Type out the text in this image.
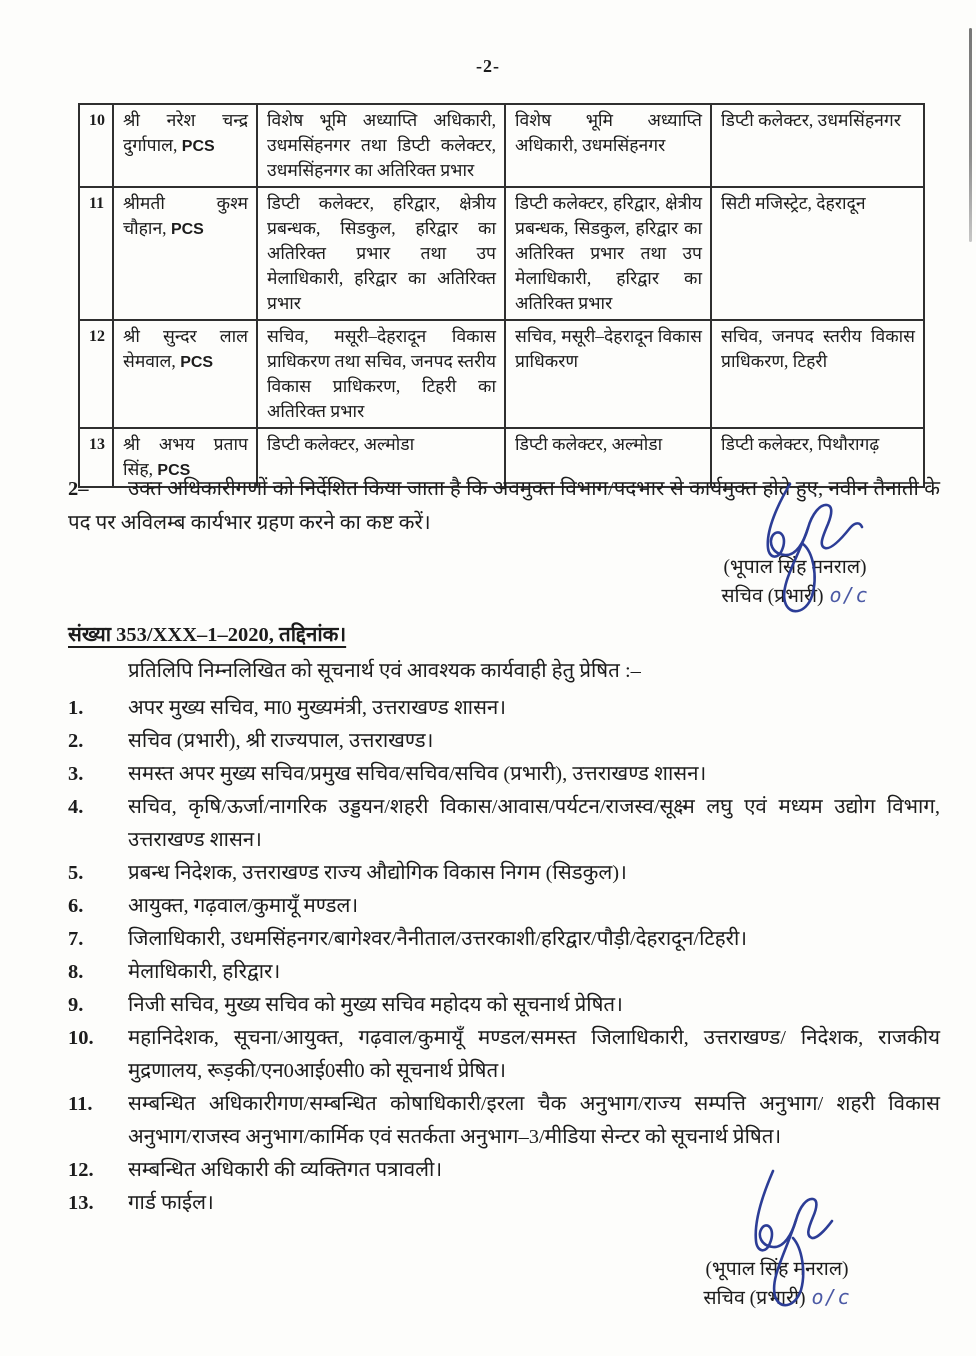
-2-
10	श्री नरेश चन्द्र दुर्गापाल, PCS	विशेष भूमि अध्याप्ति अधिकारी, उधमसिंहनगर तथा डिप्टी कलेक्टर, उधमसिंहनगर का अतिरिक्त प्रभार	विशेष भूमि अध्याप्ति अधिकारी, उधमसिंहनगर	डिप्टी कलेक्टर, उधमसिंहनगर
11	श्रीमती कुश्म चौहान, PCS	डिप्टी कलेक्टर, हरिद्वार, क्षेत्रीय प्रबन्धक, सिडकुल, हरिद्वार का अतिरिक्त प्रभार तथा उप मेलाधिकारी, हरिद्वार का अतिरिक्त प्रभार	डिप्टी कलेक्टर, हरिद्वार, क्षेत्रीय प्रबन्धक, सिडकुल, हरिद्वार का अतिरिक्त प्रभार तथा उप मेलाधिकारी, हरिद्वार का अतिरिक्त प्रभार	सिटी मजिस्ट्रेट, देहरादून
12	श्री सुन्दर लाल सेमवाल, PCS	सचिव, मसूरी–देहरादून विकास प्राधिकरण तथा सचिव, जनपद स्तरीय विकास प्राधिकरण, टिहरी का अतिरिक्त प्रभार	सचिव, मसूरी–देहरादून विकास प्राधिकरण	सचिव, जनपद स्तरीय विकास प्राधिकरण, टिहरी
13	श्री अभय प्रताप सिंह, PCS	डिप्टी कलेक्टर, अल्मोडा	डिप्टी कलेक्टर, अल्मोडा	डिप्टी कलेक्टर, पिथौरागढ़
2– उक्त अधिकारीगणों को निर्देशित किया जाता है कि अवमुक्त विभाग/पदभार से कार्यमुक्त होते हुए, नवीन तैनाती के पद पर अविलम्ब कार्यभार ग्रहण करने का कष्ट करें।
(भूपाल सिंह मनराल)
सचिव (प्रभारी) o/c
संख्या 353/XXX–1–2020, तद्दिनांक।
प्रतिलिपि निम्नलिखित को सूचनार्थ एवं आवश्यक कार्यवाही हेतु प्रेषित :–
1.	अपर मुख्य सचिव, मा0 मुख्यमंत्री, उत्तराखण्ड शासन।
2.	सचिव (प्रभारी), श्री राज्यपाल, उत्तराखण्ड।
3.	समस्त अपर मुख्य सचिव/प्रमुख सचिव/सचिव/सचिव (प्रभारी), उत्तराखण्ड शासन।
4.	सचिव, कृषि/ऊर्जा/नागरिक उड्डयन/शहरी विकास/आवास/पर्यटन/राजस्व/सूक्ष्म लघु एवं मध्यम उद्योग विभाग, उत्तराखण्ड शासन।
5.	प्रबन्ध निदेशक, उत्तराखण्ड राज्य औद्योगिक विकास निगम (सिडकुल)।
6.	आयुक्त, गढ़वाल/कुमायूँ मण्डल।
7.	जिलाधिकारी, उधमसिंहनगर/बागेश्वर/नैनीताल/उत्तरकाशी/हरिद्वार/पौड़ी/देहरादून/टिहरी।
8.	मेलाधिकारी, हरिद्वार।
9.	निजी सचिव, मुख्य सचिव को मुख्य सचिव महोदय को सूचनार्थ प्रेषित।
10.	महानिदेशक, सूचना/आयुक्त, गढ़वाल/कुमायूँ मण्डल/समस्त जिलाधिकारी, उत्तराखण्ड/ निदेशक, राजकीय मुद्रणालय, रूड़की/एन0आई0सी0 को सूचनार्थ प्रेषित।
11.	सम्बन्धित अधिकारीगण/सम्बन्धित कोषाधिकारी/इरला चैक अनुभाग/राज्य सम्पत्ति अनुभाग/ शहरी विकास अनुभाग/राजस्व अनुभाग/कार्मिक एवं सतर्कता अनुभाग–3/मीडिया सेन्टर को सूचनार्थ प्रेषित।
12.	सम्बन्धित अधिकारी की व्यक्तिगत पत्रावली।
13.	गार्ड फाईल।
(भूपाल सिंह मनराल)
सचिव (प्रभारी) o/c
